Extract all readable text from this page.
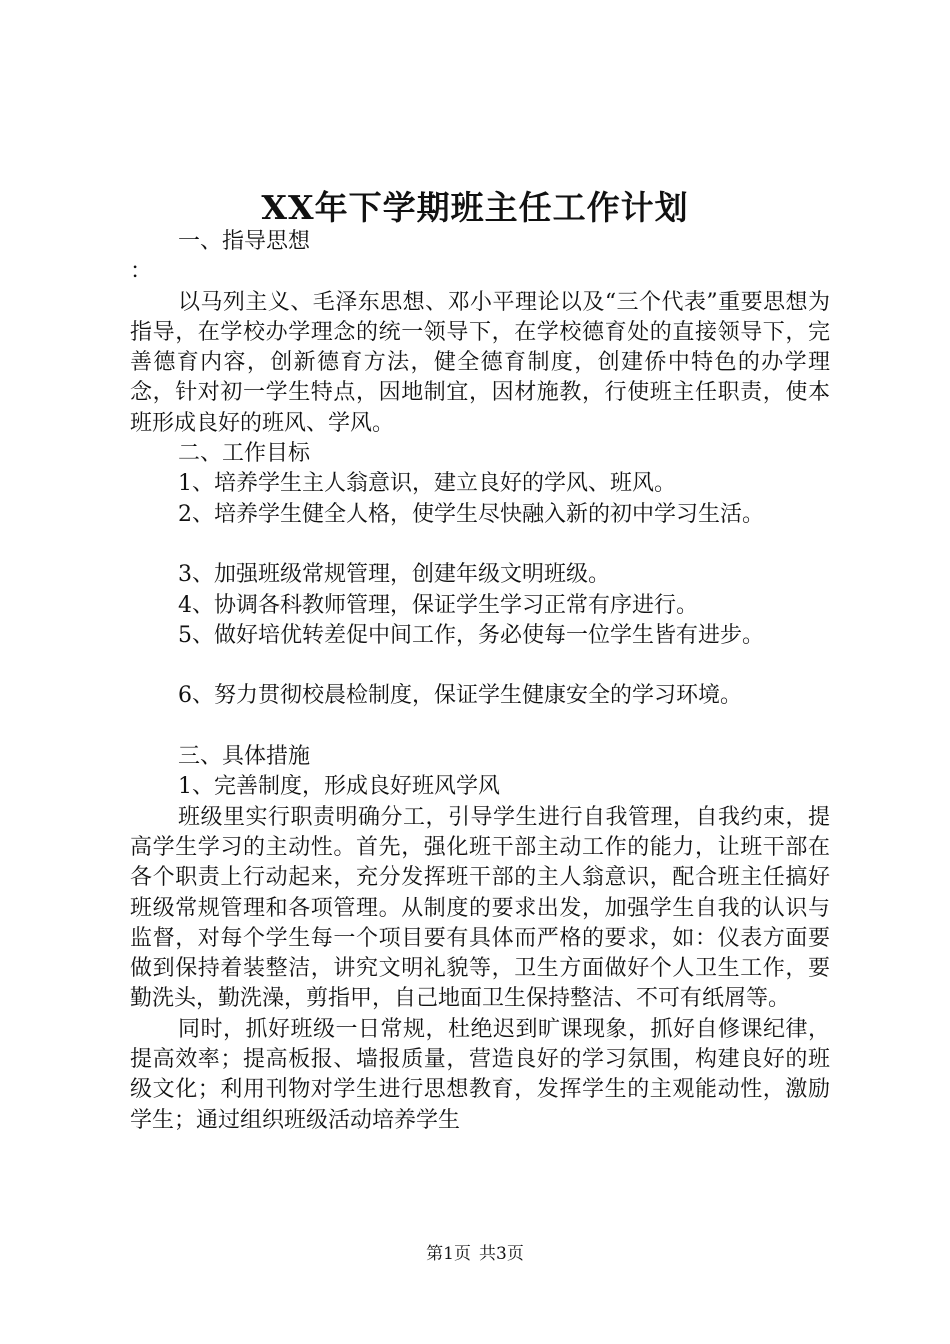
XX年下学期班主任工作计划

一、指导思想

：

以马列主义、毛泽东思想、邓小平理论以及“三个代表”重要思想为指导，在学校办学理念的统一领导下，在学校德育处的直接领导下，完善德育内容，创新德育方法，健全德育制度，创建侨中特色的办学理念，针对初一学生特点，因地制宜，因材施教，行使班主任职责，使本班形成良好的班风、学风。

二、工作目标

1、培养学生主人翁意识，建立良好的学风、班风。

2、培养学生健全人格，使学生尽快融入新的初中学习生活。

3、加强班级常规管理，创建年级文明班级。

4、协调各科教师管理，保证学生学习正常有序进行。

5、做好培优转差促中间工作，务必使每一位学生皆有进步。

6、努力贯彻校晨检制度，保证学生健康安全的学习环境。

三、具体措施

1、完善制度，形成良好班风学风

班级里实行职责明确分工，引导学生进行自我管理，自我约束，提高学生学习的主动性。首先，强化班干部主动工作的能力，让班干部在各个职责上行动起来，充分发挥班干部的主人翁意识，配合班主任搞好班级常规管理和各项管理。从制度的要求出发，加强学生自我的认识与监督，对每个学生每一个项目要有具体而严格的要求，如：仪表方面要做到保持着装整洁，讲究文明礼貌等，卫生方面做好个人卫生工作，要勤洗头，勤洗澡，剪指甲，自己地面卫生保持整洁、不可有纸屑等。

同时，抓好班级一日常规，杜绝迟到旷课现象，抓好自修课纪律，提高效率；提高板报、墙报质量，营造良好的学习氛围，构建良好的班级文化；利用刊物对学生进行思想教育，发挥学生的主观能动性，激励学生；通过组织班级活动培养学生

第1页 共3页
